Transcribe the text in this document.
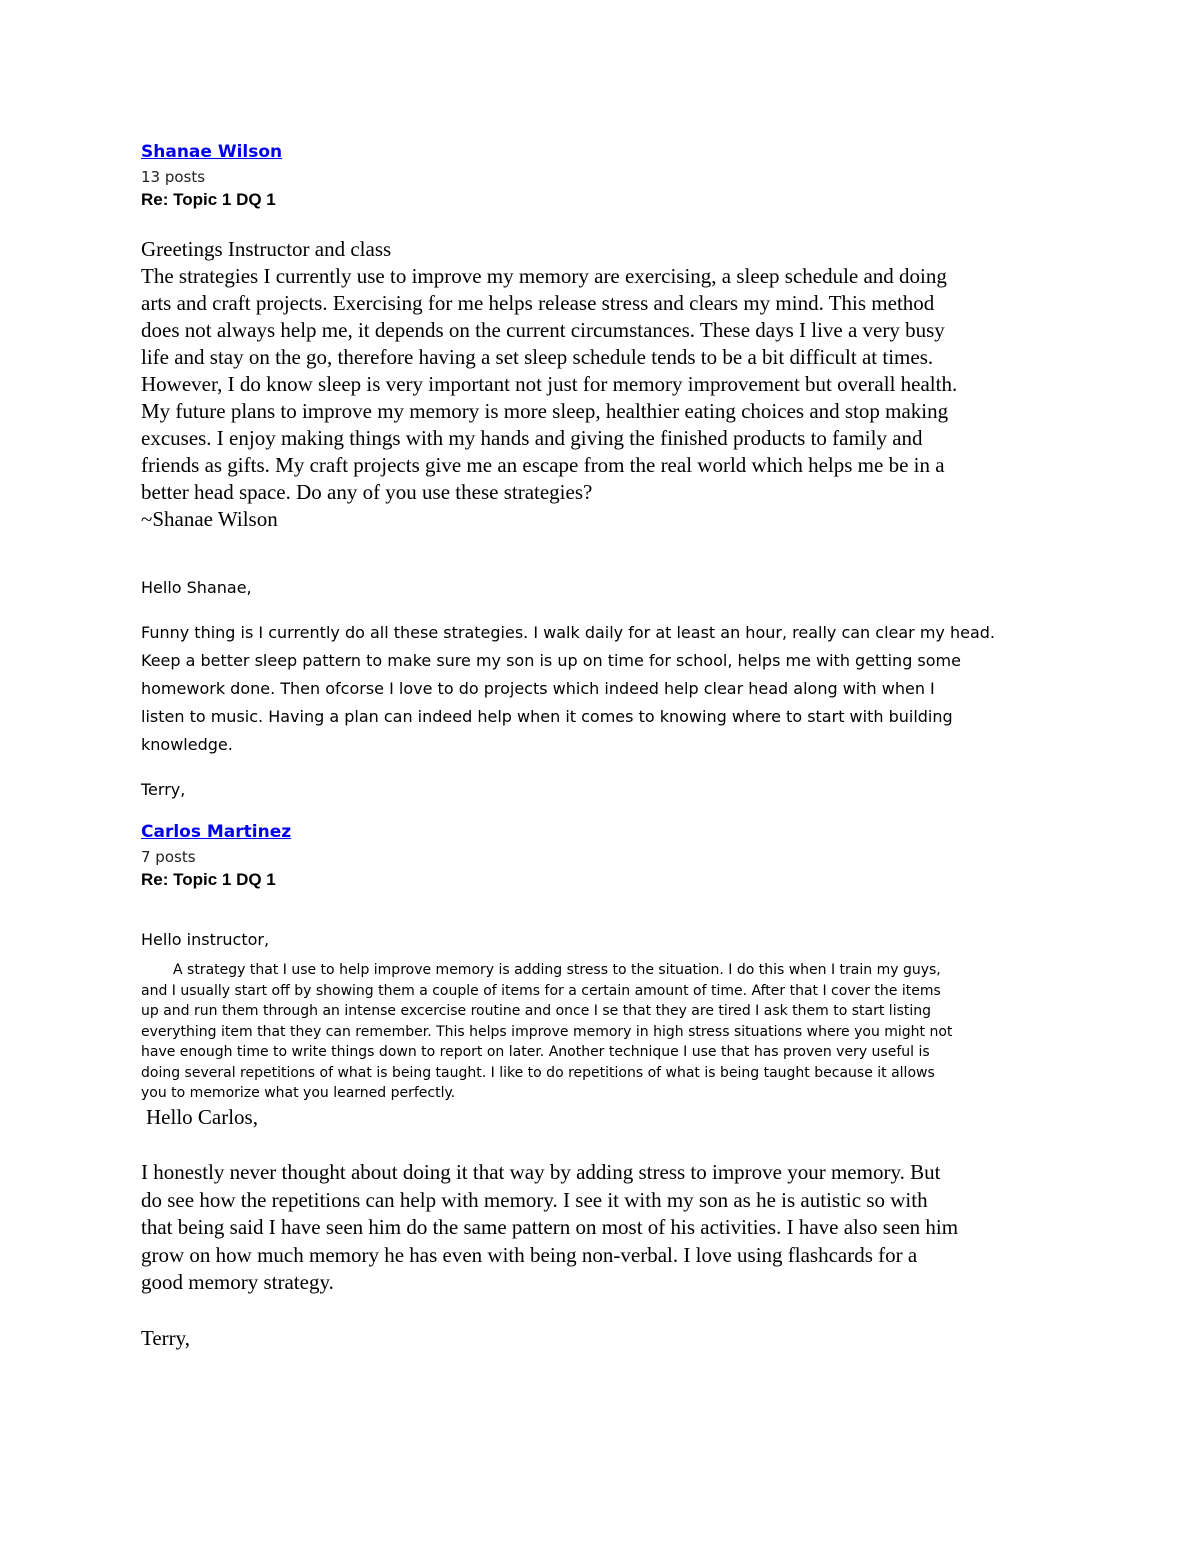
Shanae Wilson
13 posts
Re: Topic 1 DQ 1

Greetings Instructor and class

The strategies I currently use to improve my memory are exercising, a sleep schedule and doing

arts and craft projects. Exercising for me helps release stress and clears my mind. This method

does not always help me, it depends on the current circumstances. These days I live a very busy

life and stay on the go, therefore having a set sleep schedule tends to be a bit difficult at times.

However, I do know sleep is very important not just for memory improvement but overall health.

My future plans to improve my memory is more sleep, healthier eating choices and stop making

excuses. I enjoy making things with my hands and giving the finished products to family and

friends as gifts. My craft projects give me an escape from the real world which helps me be in a

better head space. Do any of you use these strategies?

~Shanae Wilson

Hello Shanae,

Funny thing is I currently do all these strategies. I walk daily for at least an hour, really can clear my head.

Keep a better sleep pattern to make sure my son is up on time for school, helps me with getting some

homework done. Then ofcorse I love to do projects which indeed help clear head along with when I

listen to music. Having a plan can indeed help when it comes to knowing where to start with building

knowledge.

Terry,

Carlos Martinez
7 posts
Re: Topic 1 DQ 1

Hello instructor,

A strategy that I use to help improve memory is adding stress to the situation. I do this when I train my guys,

and I usually start off by showing them a couple of items for a certain amount of time. After that I cover the items

up and run them through an intense excercise routine and once I se that they are tired I ask them to start listing

everything item that they can remember. This helps improve memory in high stress situations where you might not

have enough time to write things down to report on later. Another technique I use that has proven very useful is

doing several repetitions of what is being taught. I like to do repetitions of what is being taught because it allows

you to memorize what you learned perfectly.

Hello Carlos,

I honestly never thought about doing it that way by adding stress to improve your memory. But

do see how the repetitions can help with memory. I see it with my son as he is autistic so with

that being said I have seen him do the same pattern on most of his activities. I have also seen him

grow on how much memory he has even with being non-verbal. I love using flashcards for a

good memory strategy.

Terry,
